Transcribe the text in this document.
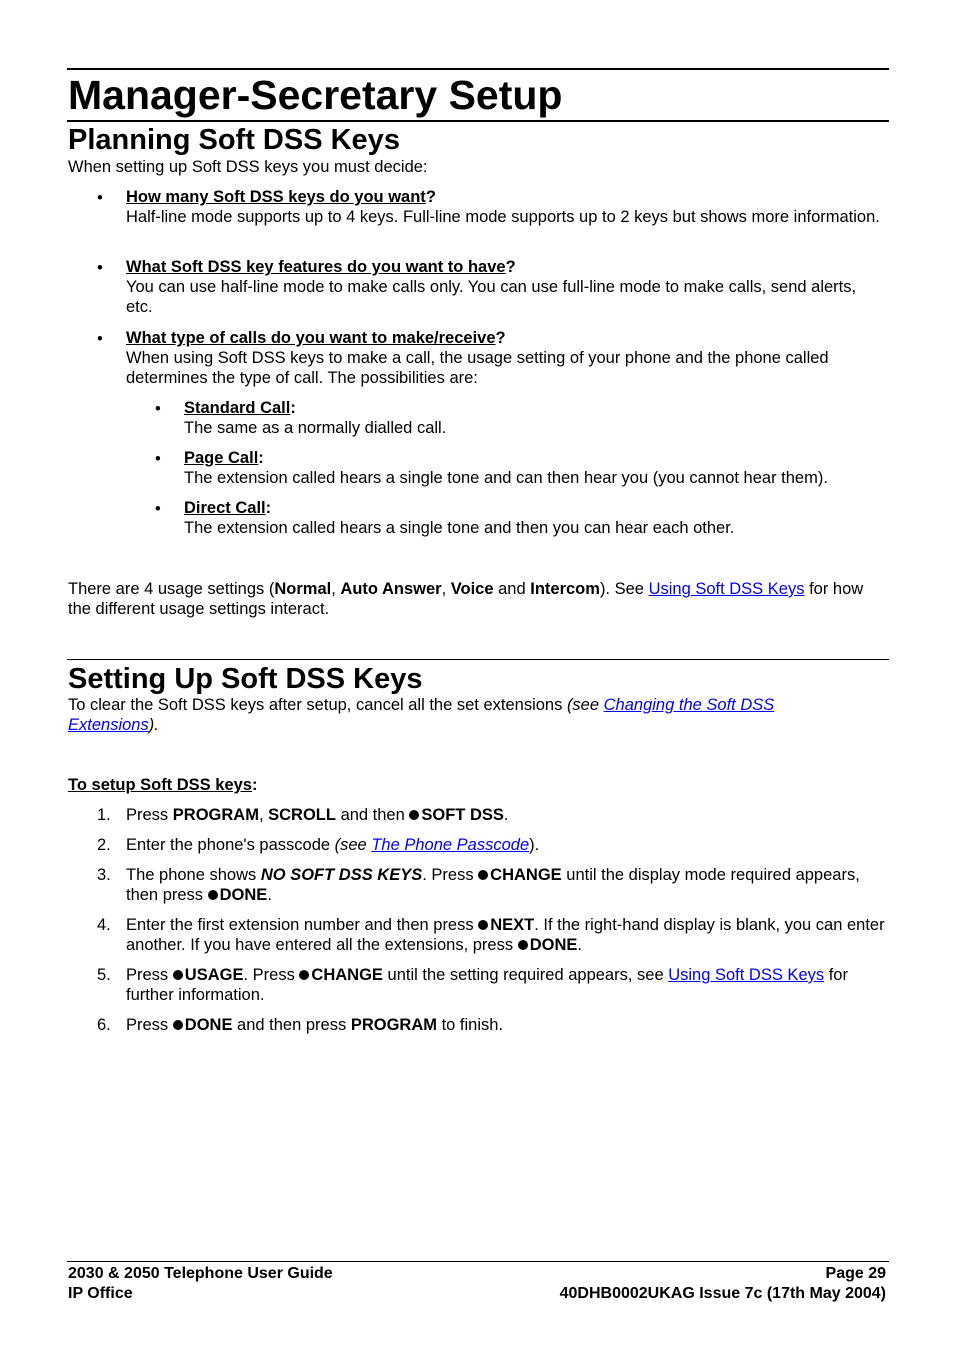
Manager-Secretary Setup
Planning Soft DSS Keys

When setting up Soft DSS keys you must decide:

• How many Soft DSS keys do you want?
Half-line mode supports up to 4 keys. Full-line mode supports up to 2 keys but shows more information.
• What Soft DSS key features do you want to have?
You can use half-line mode to make calls only. You can use full-line mode to make calls, send alerts, etc.
• What type of calls do you want to make/receive?
When using Soft DSS keys to make a call, the usage setting of your phone and the phone called determines the type of call. The possibilities are:
• Standard Call:
The same as a normally dialled call.
• Page Call:
The extension called hears a single tone and can then hear you (you cannot hear them).
• Direct Call:
The extension called hears a single tone and then you can hear each other.

There are 4 usage settings (Normal, Auto Answer, Voice and Intercom). See Using Soft DSS Keys for how the different usage settings interact.

Setting Up Soft DSS Keys

To clear the Soft DSS keys after setup, cancel all the set extensions (see Changing the Soft DSS Extensions).

To setup Soft DSS keys:

1. Press PROGRAM, SCROLL and then SOFT DSS.
2. Enter the phone's passcode (see The Phone Passcode).
3. The phone shows NO SOFT DSS KEYS. Press CHANGE until the display mode required appears, then press DONE.
4. Enter the first extension number and then press NEXT. If the right-hand display is blank, you can enter another. If you have entered all the extensions, press DONE.
5. Press USAGE. Press CHANGE until the setting required appears, see Using Soft DSS Keys for further information.
6. Press DONE and then press PROGRAM to finish.
2030 & 2050 Telephone User Guide
IP Office
Page 29
40DHB0002UKAG Issue 7c (17th May 2004)
